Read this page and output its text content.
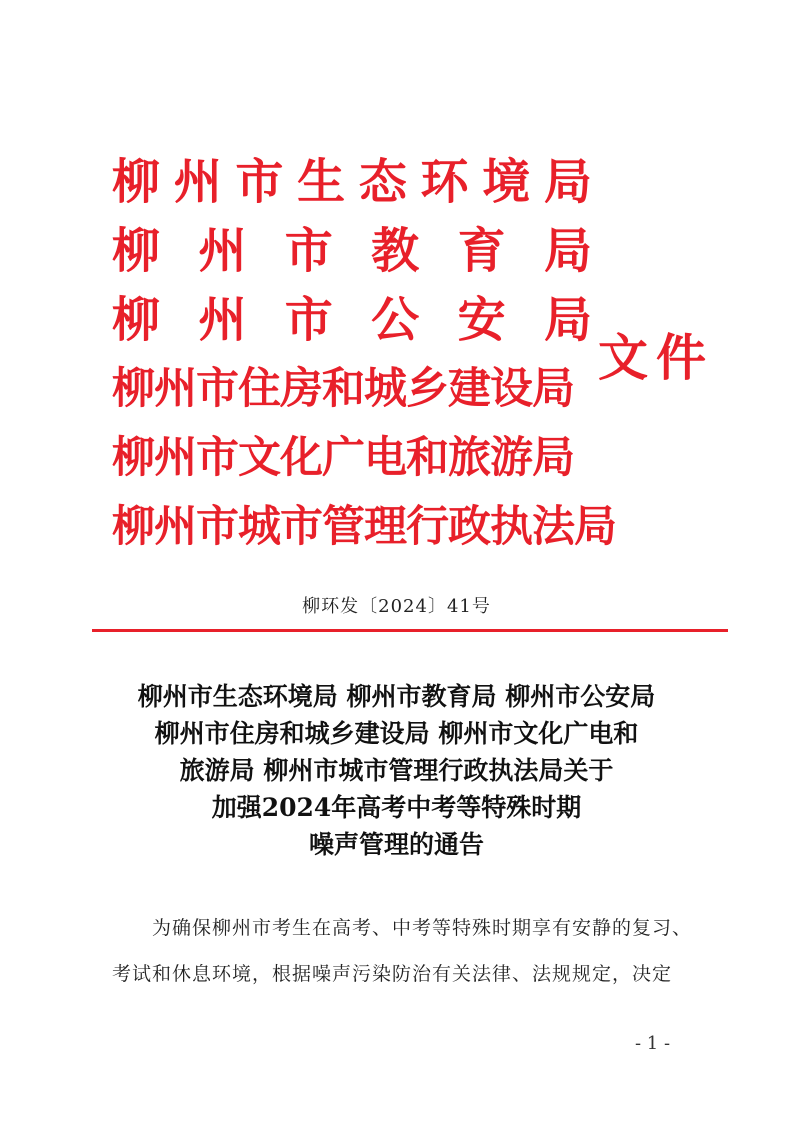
柳 州 市 生 态 环 境 局
柳 州 市 教 育 局
柳 州 市 公 安 局
柳州市住房和城乡建设局
柳州市文化广电和旅游局
柳州市城市管理行政执法局
文件
柳环发〔2024〕41号
柳州市生态环境局 柳州市教育局 柳州市公安局
柳州市住房和城乡建设局 柳州市文化广电和
旅游局 柳州市城市管理行政执法局关于
加强2024年高考中考等特殊时期
噪声管理的通告
为确保柳州市考生在高考、中考等特殊时期享有安静的复习、
考试和休息环境，根据噪声污染防治有关法律、法规规定，决定
- 1 -
